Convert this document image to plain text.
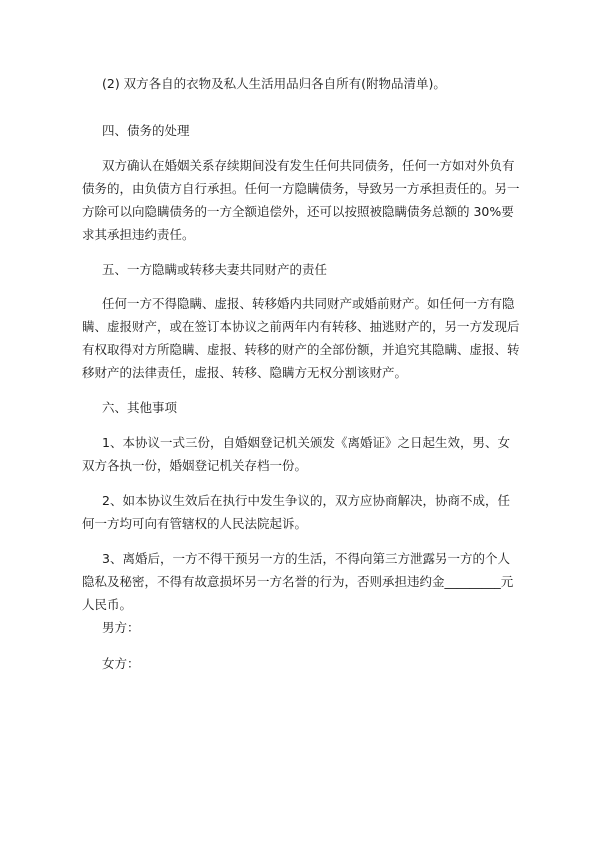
(2) 双方各自的衣物及私人生活用品归各自所有(附物品清单)。

四、债务的处理

双方确认在婚姻关系存续期间没有发生任何共同债务，任何一方如对外负有债务的，由负债方自行承担。任何一方隐瞒债务，导致另一方承担责任的。另一方除可以向隐瞒债务的一方全额追偿外，还可以按照被隐瞒债务总额的 30%要求其承担违约责任。

五、一方隐瞒或转移夫妻共同财产的责任

任何一方不得隐瞒、虚报、转移婚内共同财产或婚前财产。如任何一方有隐瞒、虚报财产，或在签订本协议之前两年内有转移、抽逃财产的，另一方发现后有权取得对方所隐瞒、虚报、转移的财产的全部份额，并追究其隐瞒、虚报、转移财产的法律责任，虚报、转移、隐瞒方无权分割该财产。

六、其他事项

1、本协议一式三份，自婚姻登记机关颁发《离婚证》之日起生效，男、女双方各执一份，婚姻登记机关存档一份。

2、如本协议生效后在执行中发生争议的，双方应协商解决，协商不成，任何一方均可向有管辖权的人民法院起诉。

3、离婚后，一方不得干预另一方的生活，不得向第三方泄露另一方的个人隐私及秘密，不得有故意损坏另一方名誉的行为，否则承担违约金_________元人民币。

男方：

女方：
